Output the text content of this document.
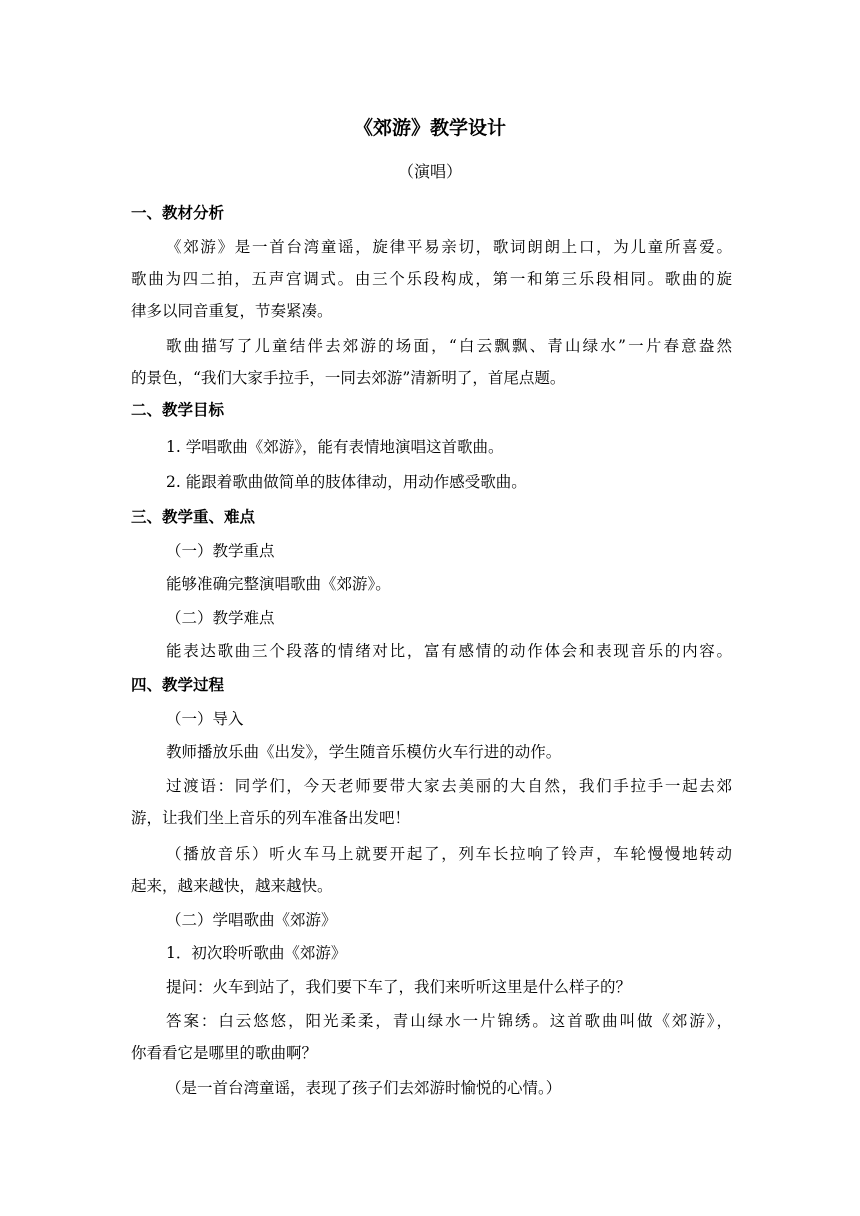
《郊游》教学设计
（演唱）
一、教材分析
《郊游》是一首台湾童谣，旋律平易亲切，歌词朗朗上口，为儿童所喜爱。
歌曲为四二拍，五声宫调式。由三个乐段构成，第一和第三乐段相同。歌曲的旋
律多以同音重复，节奏紧凑。
歌曲描写了儿童结伴去郊游的场面，“白云飘飘、青山绿水”一片春意盎然
的景色，“我们大家手拉手，一同去郊游”清新明了，首尾点题。
二、教学目标
1. 学唱歌曲《郊游》，能有表情地演唱这首歌曲。
2. 能跟着歌曲做简单的肢体律动，用动作感受歌曲。
三、教学重、难点
（一）教学重点
能够准确完整演唱歌曲《郊游》。
（二）教学难点
能表达歌曲三个段落的情绪对比，富有感情的动作体会和表现音乐的内容。
四、教学过程
（一）导入
教师播放乐曲《出发》，学生随音乐模仿火车行进的动作。
过渡语：同学们，今天老师要带大家去美丽的大自然，我们手拉手一起去郊
游，让我们坐上音乐的列车准备出发吧！
（播放音乐）听火车马上就要开起了，列车长拉响了铃声，车轮慢慢地转动
起来，越来越快，越来越快。
（二）学唱歌曲《郊游》
1．初次聆听歌曲《郊游》
提问：火车到站了，我们要下车了，我们来听听这里是什么样子的？
答案：白云悠悠，阳光柔柔，青山绿水一片锦绣。这首歌曲叫做《郊游》，
你看看它是哪里的歌曲啊？
（是一首台湾童谣，表现了孩子们去郊游时愉悦的心情。）
